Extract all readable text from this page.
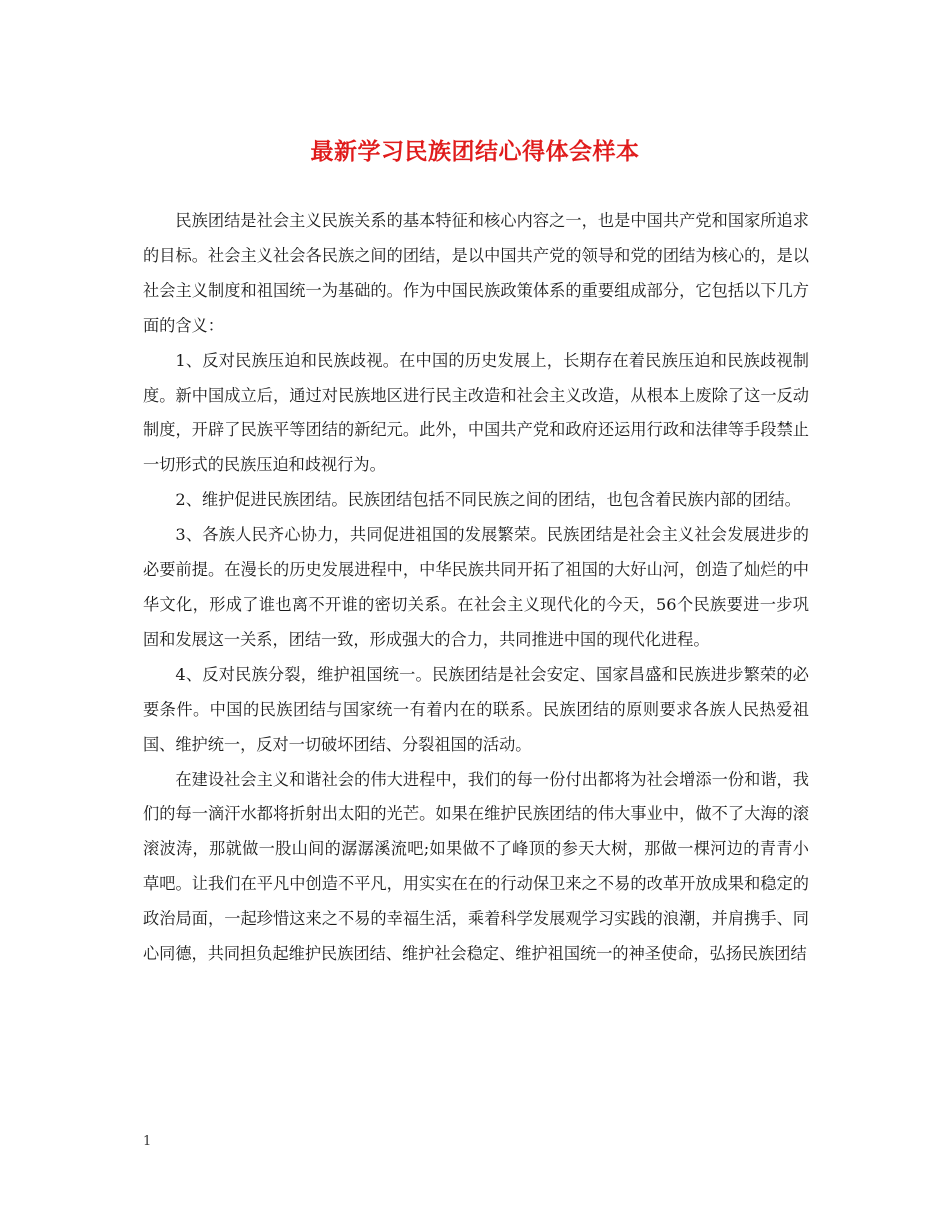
最新学习民族团结心得体会样本

民族团结是社会主义民族关系的基本特征和核心内容之一，也是中国共产党和国家所追求的目标。社会主义社会各民族之间的团结，是以中国共产党的领导和党的团结为核心的，是以社会主义制度和祖国统一为基础的。作为中国民族政策体系的重要组成部分，它包括以下几方面的含义：

1、反对民族压迫和民族歧视。在中国的历史发展上，长期存在着民族压迫和民族歧视制度。新中国成立后，通过对民族地区进行民主改造和社会主义改造，从根本上废除了这一反动制度，开辟了民族平等团结的新纪元。此外，中国共产党和政府还运用行政和法律等手段禁止一切形式的民族压迫和歧视行为。

2、维护促进民族团结。民族团结包括不同民族之间的团结，也包含着民族内部的团结。

3、各族人民齐心协力，共同促进祖国的发展繁荣。民族团结是社会主义社会发展进步的必要前提。在漫长的历史发展进程中，中华民族共同开拓了祖国的大好山河，创造了灿烂的中华文化，形成了谁也离不开谁的密切关系。在社会主义现代化的今天，56个民族要进一步巩固和发展这一关系，团结一致，形成强大的合力，共同推进中国的现代化进程。

4、反对民族分裂，维护祖国统一。民族团结是社会安定、国家昌盛和民族进步繁荣的必要条件。中国的民族团结与国家统一有着内在的联系。民族团结的原则要求各族人民热爱祖国、维护统一，反对一切破坏团结、分裂祖国的活动。

在建设社会主义和谐社会的伟大进程中，我们的每一份付出都将为社会增添一份和谐，我们的每一滴汗水都将折射出太阳的光芒。如果在维护民族团结的伟大事业中，做不了大海的滚滚波涛，那就做一股山间的潺潺溪流吧;如果做不了峰顶的参天大树，那做一棵河边的青青小草吧。让我们在平凡中创造不平凡，用实实在在的行动保卫来之不易的改革开放成果和稳定的政治局面，一起珍惜这来之不易的幸福生活，乘着科学发展观学习实践的浪潮，并肩携手、同心同德，共同担负起维护民族团结、维护社会稳定、维护祖国统一的神圣使命，弘扬民族团结

1
